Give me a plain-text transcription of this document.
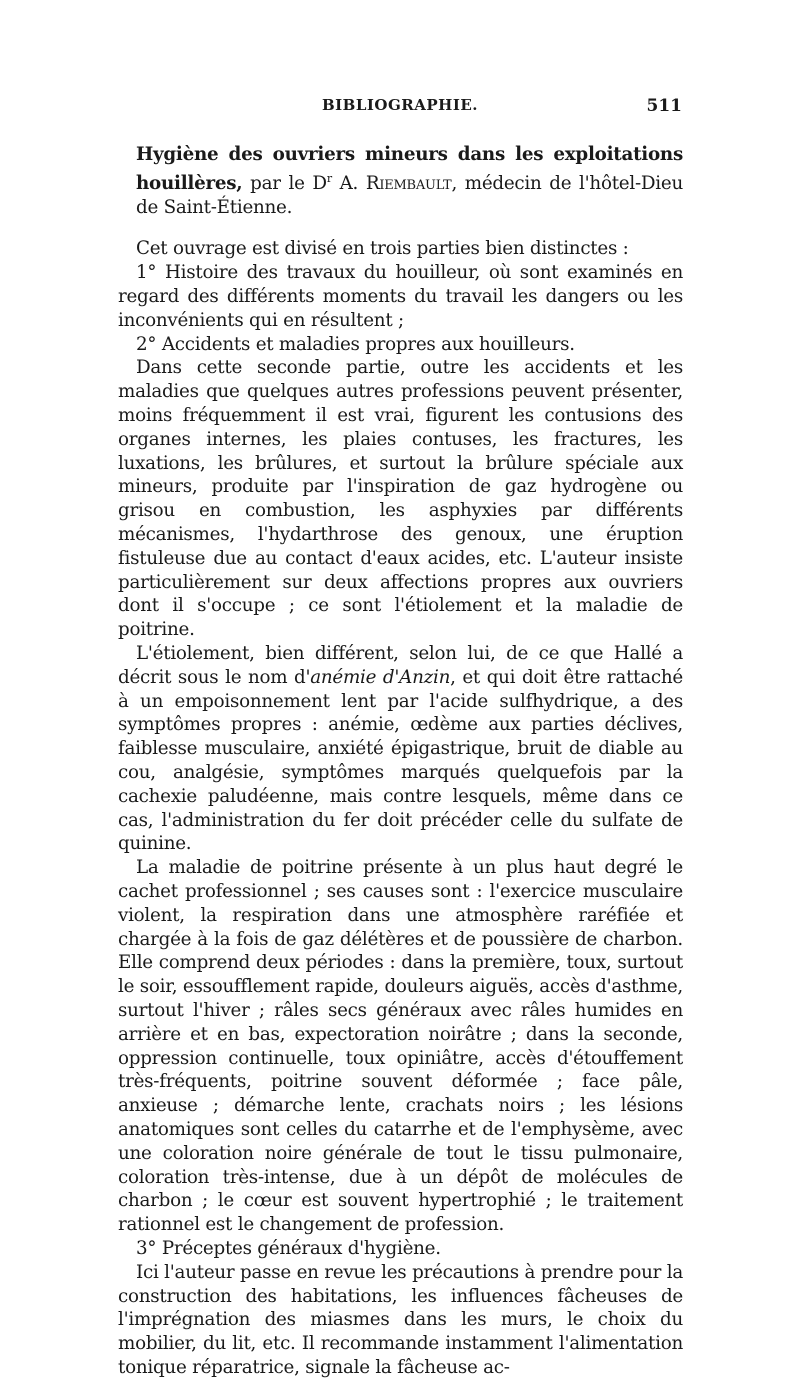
BIBLIOGRAPHIE.	511

Hygiène des ouvriers mineurs dans les exploitations houillères, par le $D^r$ A. Riembault, médecin de l'hôtel-Dieu de Saint-Étienne.

Cet ouvrage est divisé en trois parties bien distinctes :

1° Histoire des travaux du houilleur, où sont examinés en regard des différents moments du travail les dangers ou les inconvénients qui en résultent ;

2° Accidents et maladies propres aux houilleurs.

Dans cette seconde partie, outre les accidents et les maladies que quelques autres professions peuvent présenter, moins fréquemment il est vrai, figurent les contusions des organes internes, les plaies contuses, les fractures, les luxations, les brûlures, et surtout la brûlure spéciale aux mineurs, produite par l'inspiration de gaz hydrogène ou grisou en combustion, les asphyxies par différents mécanismes, l'hydarthrose des genoux, une éruption fistuleuse due au contact d'eaux acides, etc. L'auteur insiste particulièrement sur deux affections propres aux ouvriers dont il s'occupe ; ce sont l'étiolement et la maladie de poitrine.

L'étiolement, bien différent, selon lui, de ce que Hallé a décrit sous le nom d'anémie d'Anzin, et qui doit être rattaché à un empoisonnement lent par l'acide sulfhydrique, a des symptômes propres : anémie, œdème aux parties déclives, faiblesse musculaire, anxiété épigastrique, bruit de diable au cou, analgésie, symptômes marqués quelquefois par la cachexie paludéenne, mais contre lesquels, même dans ce cas, l'administration du fer doit précéder celle du sulfate de quinine.

La maladie de poitrine présente à un plus haut degré le cachet professionnel ; ses causes sont : l'exercice musculaire violent, la respiration dans une atmosphère raréfiée et chargée à la fois de gaz délétères et de poussière de charbon. Elle comprend deux périodes : dans la première, toux, surtout le soir, essoufflement rapide, douleurs aiguës, accès d'asthme, surtout l'hiver ; râles secs généraux avec râles humides en arrière et en bas, expectoration noirâtre ; dans la seconde, oppression continuelle, toux opiniâtre, accès d'étouffement très-fréquents, poitrine souvent déformée ; face pâle, anxieuse ; démarche lente, crachats noirs ; les lésions anatomiques sont celles du catarrhe et de l'emphysème, avec une coloration noire générale de tout le tissu pulmonaire, coloration très-intense, due à un dépôt de molécules de charbon ; le cœur est souvent hypertrophié ; le traitement rationnel est le changement de profession.

3° Préceptes généraux d'hygiène.

Ici l'auteur passe en revue les précautions à prendre pour la construction des habitations, les influences fâcheuses de l'imprégnation des miasmes dans les murs, le choix du mobilier, du lit, etc. Il recommande instamment l'alimentation tonique réparatrice, signale la fâcheuse ac-
